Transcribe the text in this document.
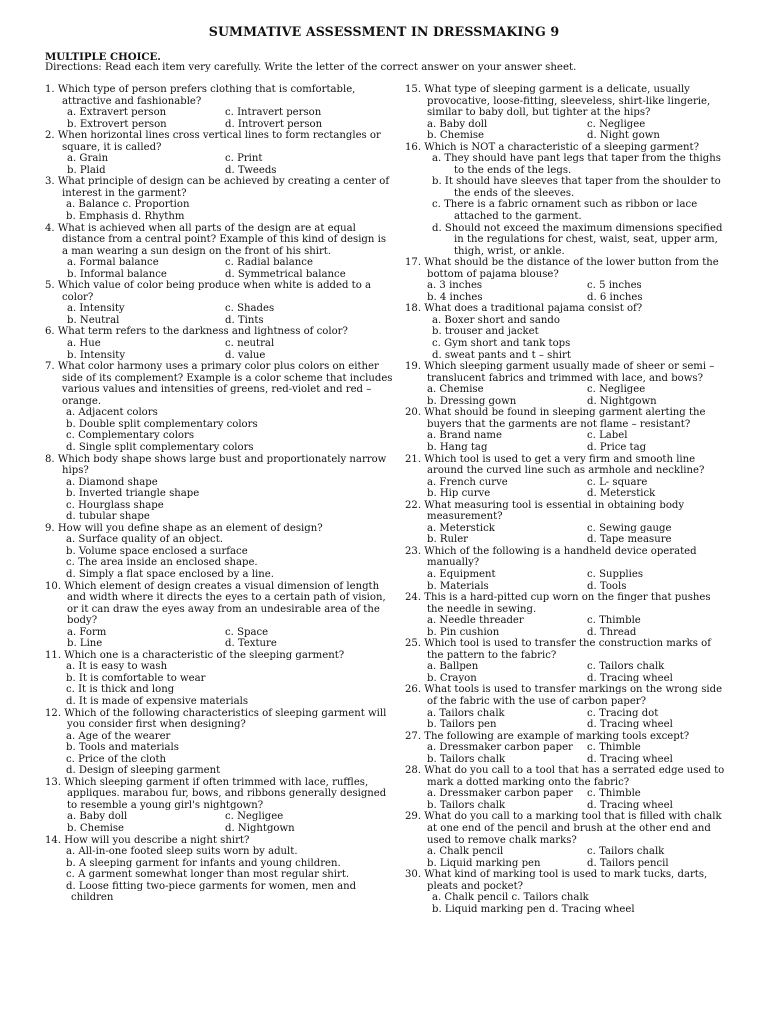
SUMMATIVE ASSESSMENT IN DRESSMAKING 9
MULTIPLE CHOICE.
Directions: Read each item very carefully. Write the letter of the correct answer on your answer sheet.
1. Which type of person prefers clothing that is comfortable, attractive and fashionable?
a. Extravert person	c. Intravert person
b. Extrovert person	d. Introvert person
2. When horizontal lines cross vertical lines to form rectangles or square, it is called?
a. Grain	c. Print
b. Plaid	d. Tweeds
3. What principle of design can be achieved by creating a center of interest in the garment?
a. Balance c. Proportion
b. Emphasis d. Rhythm
4. What is achieved when all parts of the design are at equal distance from a central point? Example of this kind of design is a man wearing a sun design on the front of his shirt.
a. Formal balance	c. Radial balance
b. Informal balance	d. Symmetrical balance
5. Which value of color being produce when white is added to a color?
a. Intensity	c. Shades
b. Neutral	d. Tints
6. What term refers to the darkness and lightness of color?
a. Hue	c. neutral
b. Intensity	d. value
7. What color harmony uses a primary color plus colors on either side of its complement? Example is a color scheme that includes various values and intensities of greens, red-violet and red –orange.
a. Adjacent colors
b. Double split complementary colors
c. Complementary colors
d. Single split complementary colors
8. Which body shape shows large bust and proportionately narrow hips?
a. Diamond shape
b. Inverted triangle shape
c. Hourglass shape
d. tubular shape
9. How will you define shape as an element of design?
a. Surface quality of an object.
b. Volume space enclosed a surface
c. The area inside an enclosed shape.
d. Simply a flat space enclosed by a line.
10. Which element of design creates a visual dimension of length and width where it directs the eyes to a certain path of vision, or it can draw the eyes away from an undesirable area of the body?
a. Form	c. Space
b. Line	d. Texture
11. Which one is a characteristic of the sleeping garment?
a. It is easy to wash
b. It is comfortable to wear
c. It is thick and long
d. It is made of expensive materials
12. Which of the following characteristics of sleeping garment will you consider first when designing?
a. Age of the wearer
b. Tools and materials
c. Price of the cloth
d. Design of sleeping garment
13. Which sleeping garment if often trimmed with lace, ruffles, appliques. marabou fur, bows, and ribbons generally designed to resemble a young girl's nightgown?
a. Baby doll	c. Negligee
b. Chemise	d. Nightgown
14. How will you describe a night shirt?
a. All-in-one footed sleep suits worn by adult.
b. A sleeping garment for infants and young children.
c. A garment somewhat longer than most regular shirt.
d. Loose fitting two-piece garments for women, men and children
15. What type of sleeping garment is a delicate, usually provocative, loose-fitting, sleeveless, shirt-like lingerie, similar to baby doll, but tighter at the hips?
a. Baby doll	c. Negligee
b. Chemise	d. Night gown
16. Which is NOT a characteristic of a sleeping garment?
a. They should have pant legs that taper from the thighs to the ends of the legs.
b. It should have sleeves that taper from the shoulder to the ends of the sleeves.
c. There is a fabric ornament such as ribbon or lace attached to the garment.
d. Should not exceed the maximum dimensions specified in the regulations for chest, waist, seat, upper arm, thigh, wrist, or ankle.
17. What should be the distance of the lower button from the bottom of pajama blouse?
a. 3 inches	c. 5 inches
b. 4 inches	d. 6 inches
18. What does a traditional pajama consist of?
a. Boxer short and sando
b. trouser and jacket
c. Gym short and tank tops
d. sweat pants and t – shirt
19. Which sleeping garment usually made of sheer or semi – translucent fabrics and trimmed with lace, and bows?
a. Chemise	c. Negligee
b. Dressing gown	d. Nightgown
20. What should be found in sleeping garment alerting the buyers that the garments are not flame – resistant?
a. Brand name	c. Label
b. Hang tag	d. Price tag
21. Which tool is used to get a very firm and smooth line around the curved line such as armhole and neckline?
a. French curve	c. L- square
b. Hip curve	d. Meterstick
22. What measuring tool is essential in obtaining body measurement?
a. Meterstick	c. Sewing gauge
b. Ruler	d. Tape measure
23. Which of the following is a handheld device operated manually?
a. Equipment	c. Supplies
b. Materials	d. Tools
24. This is a hard-pitted cup worn on the finger that pushes the needle in sewing.
a. Needle threader	c. Thimble
b. Pin cushion	d. Thread
25. Which tool is used to transfer the construction marks of the pattern to the fabric?
a. Ballpen	c. Tailors chalk
b. Crayon	d. Tracing wheel
26. What tools is used to transfer markings on the wrong side of the fabric with the use of carbon paper?
a. Tailors chalk	c. Tracing dot
b. Tailors pen	d. Tracing wheel
27. The following are example of marking tools except?
a. Dressmaker carbon paper	c. Thimble
b. Tailors chalk	d. Tracing wheel
28. What do you call to a tool that has a serrated edge used to mark a dotted marking onto the fabric?
a. Dressmaker carbon paper	c. Thimble
b. Tailors chalk	d. Tracing wheel
29. What do you call to a marking tool that is filled with chalk at one end of the pencil and brush at the other end and used to remove chalk marks?
a. Chalk pencil	c. Tailors chalk
b. Liquid marking pen	d. Tailors pencil
30. What kind of marking tool is used to mark tucks, darts, pleats and pocket?
a. Chalk pencil c. Tailors chalk
b. Liquid marking pen d. Tracing wheel
